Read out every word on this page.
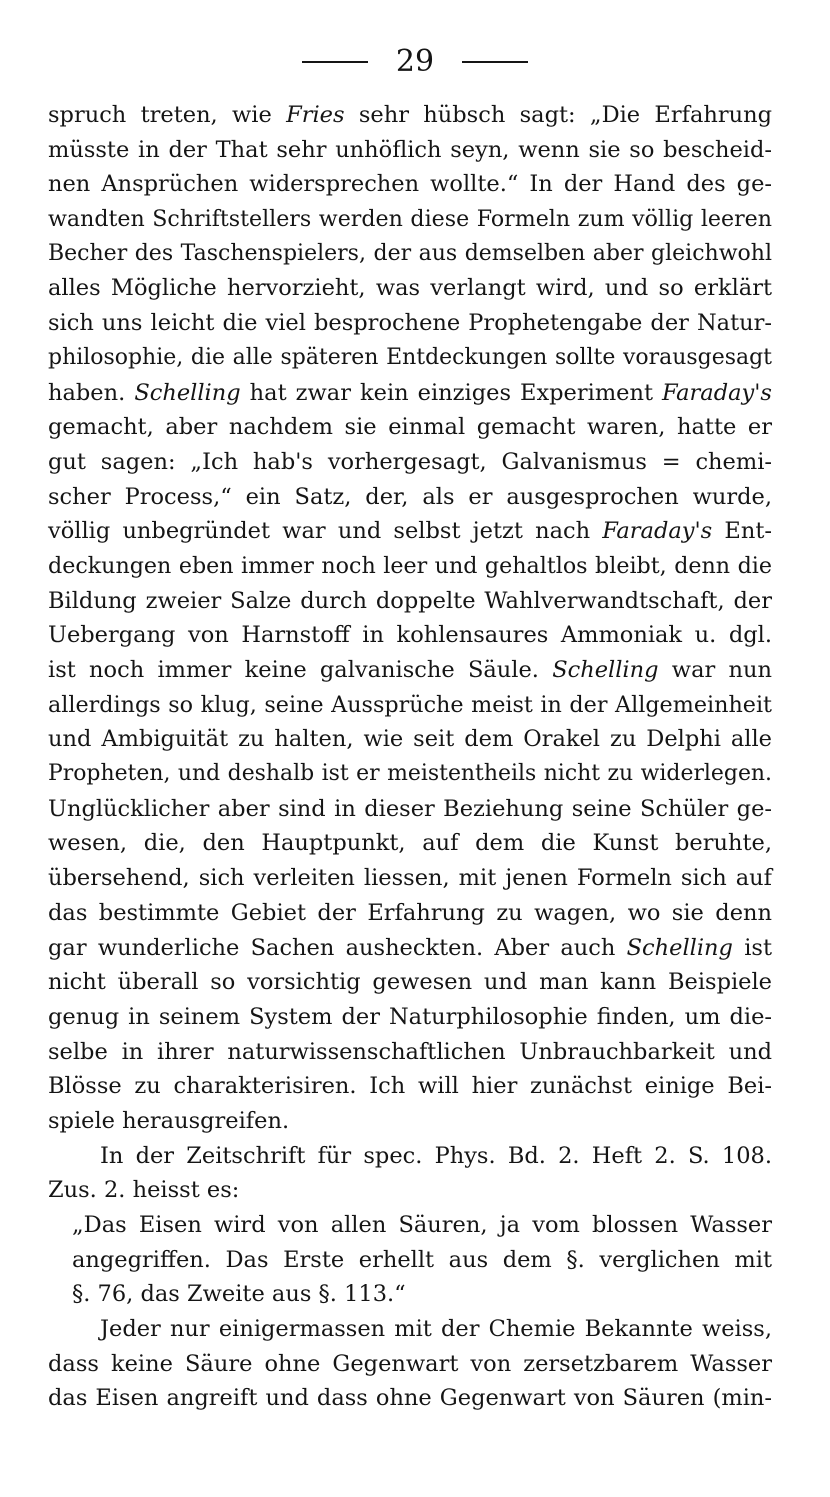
29
spruch treten, wie Fries sehr hübsch sagt: „Die Erfahrung
müsste in der That sehr unhöflich seyn, wenn sie so bescheid-
nen Ansprüchen widersprechen wollte.“ In der Hand des ge-
wandten Schriftstellers werden diese Formeln zum völlig leeren
Becher des Taschenspielers, der aus demselben aber gleichwohl
alles Mögliche hervorzieht, was verlangt wird, und so erklärt
sich uns leicht die viel besprochene Prophetengabe der Natur-
philosophie, die alle späteren Entdeckungen sollte vorausgesagt
haben. Schelling hat zwar kein einziges Experiment Faraday's
gemacht, aber nachdem sie einmal gemacht waren, hatte er
gut sagen: „Ich hab's vorhergesagt, Galvanismus = chemi-
scher Process,“ ein Satz, der, als er ausgesprochen wurde,
völlig unbegründet war und selbst jetzt nach Faraday's Ent-
deckungen eben immer noch leer und gehaltlos bleibt, denn die
Bildung zweier Salze durch doppelte Wahlverwandtschaft, der
Uebergang von Harnstoff in kohlensaures Ammoniak u. dgl.
ist noch immer keine galvanische Säule. Schelling war nun
allerdings so klug, seine Aussprüche meist in der Allgemeinheit
und Ambiguität zu halten, wie seit dem Orakel zu Delphi alle
Propheten, und deshalb ist er meistentheils nicht zu widerlegen.
Unglücklicher aber sind in dieser Beziehung seine Schüler ge-
wesen, die, den Hauptpunkt, auf dem die Kunst beruhte,
übersehend, sich verleiten liessen, mit jenen Formeln sich auf
das bestimmte Gebiet der Erfahrung zu wagen, wo sie denn
gar wunderliche Sachen ausheckten. Aber auch Schelling ist
nicht überall so vorsichtig gewesen und man kann Beispiele
genug in seinem System der Naturphilosophie finden, um die-
selbe in ihrer naturwissenschaftlichen Unbrauchbarkeit und
Blösse zu charakterisiren. Ich will hier zunächst einige Bei-
spiele herausgreifen.
In der Zeitschrift für spec. Phys. Bd. 2. Heft 2. S. 108.
Zus. 2. heisst es:
„Das Eisen wird von allen Säuren, ja vom blossen Wasser
angegriffen. Das Erste erhellt aus dem §. verglichen mit
§. 76, das Zweite aus §. 113.“
Jeder nur einigermassen mit der Chemie Bekannte weiss,
dass keine Säure ohne Gegenwart von zersetzbarem Wasser
das Eisen angreift und dass ohne Gegenwart von Säuren (min-
